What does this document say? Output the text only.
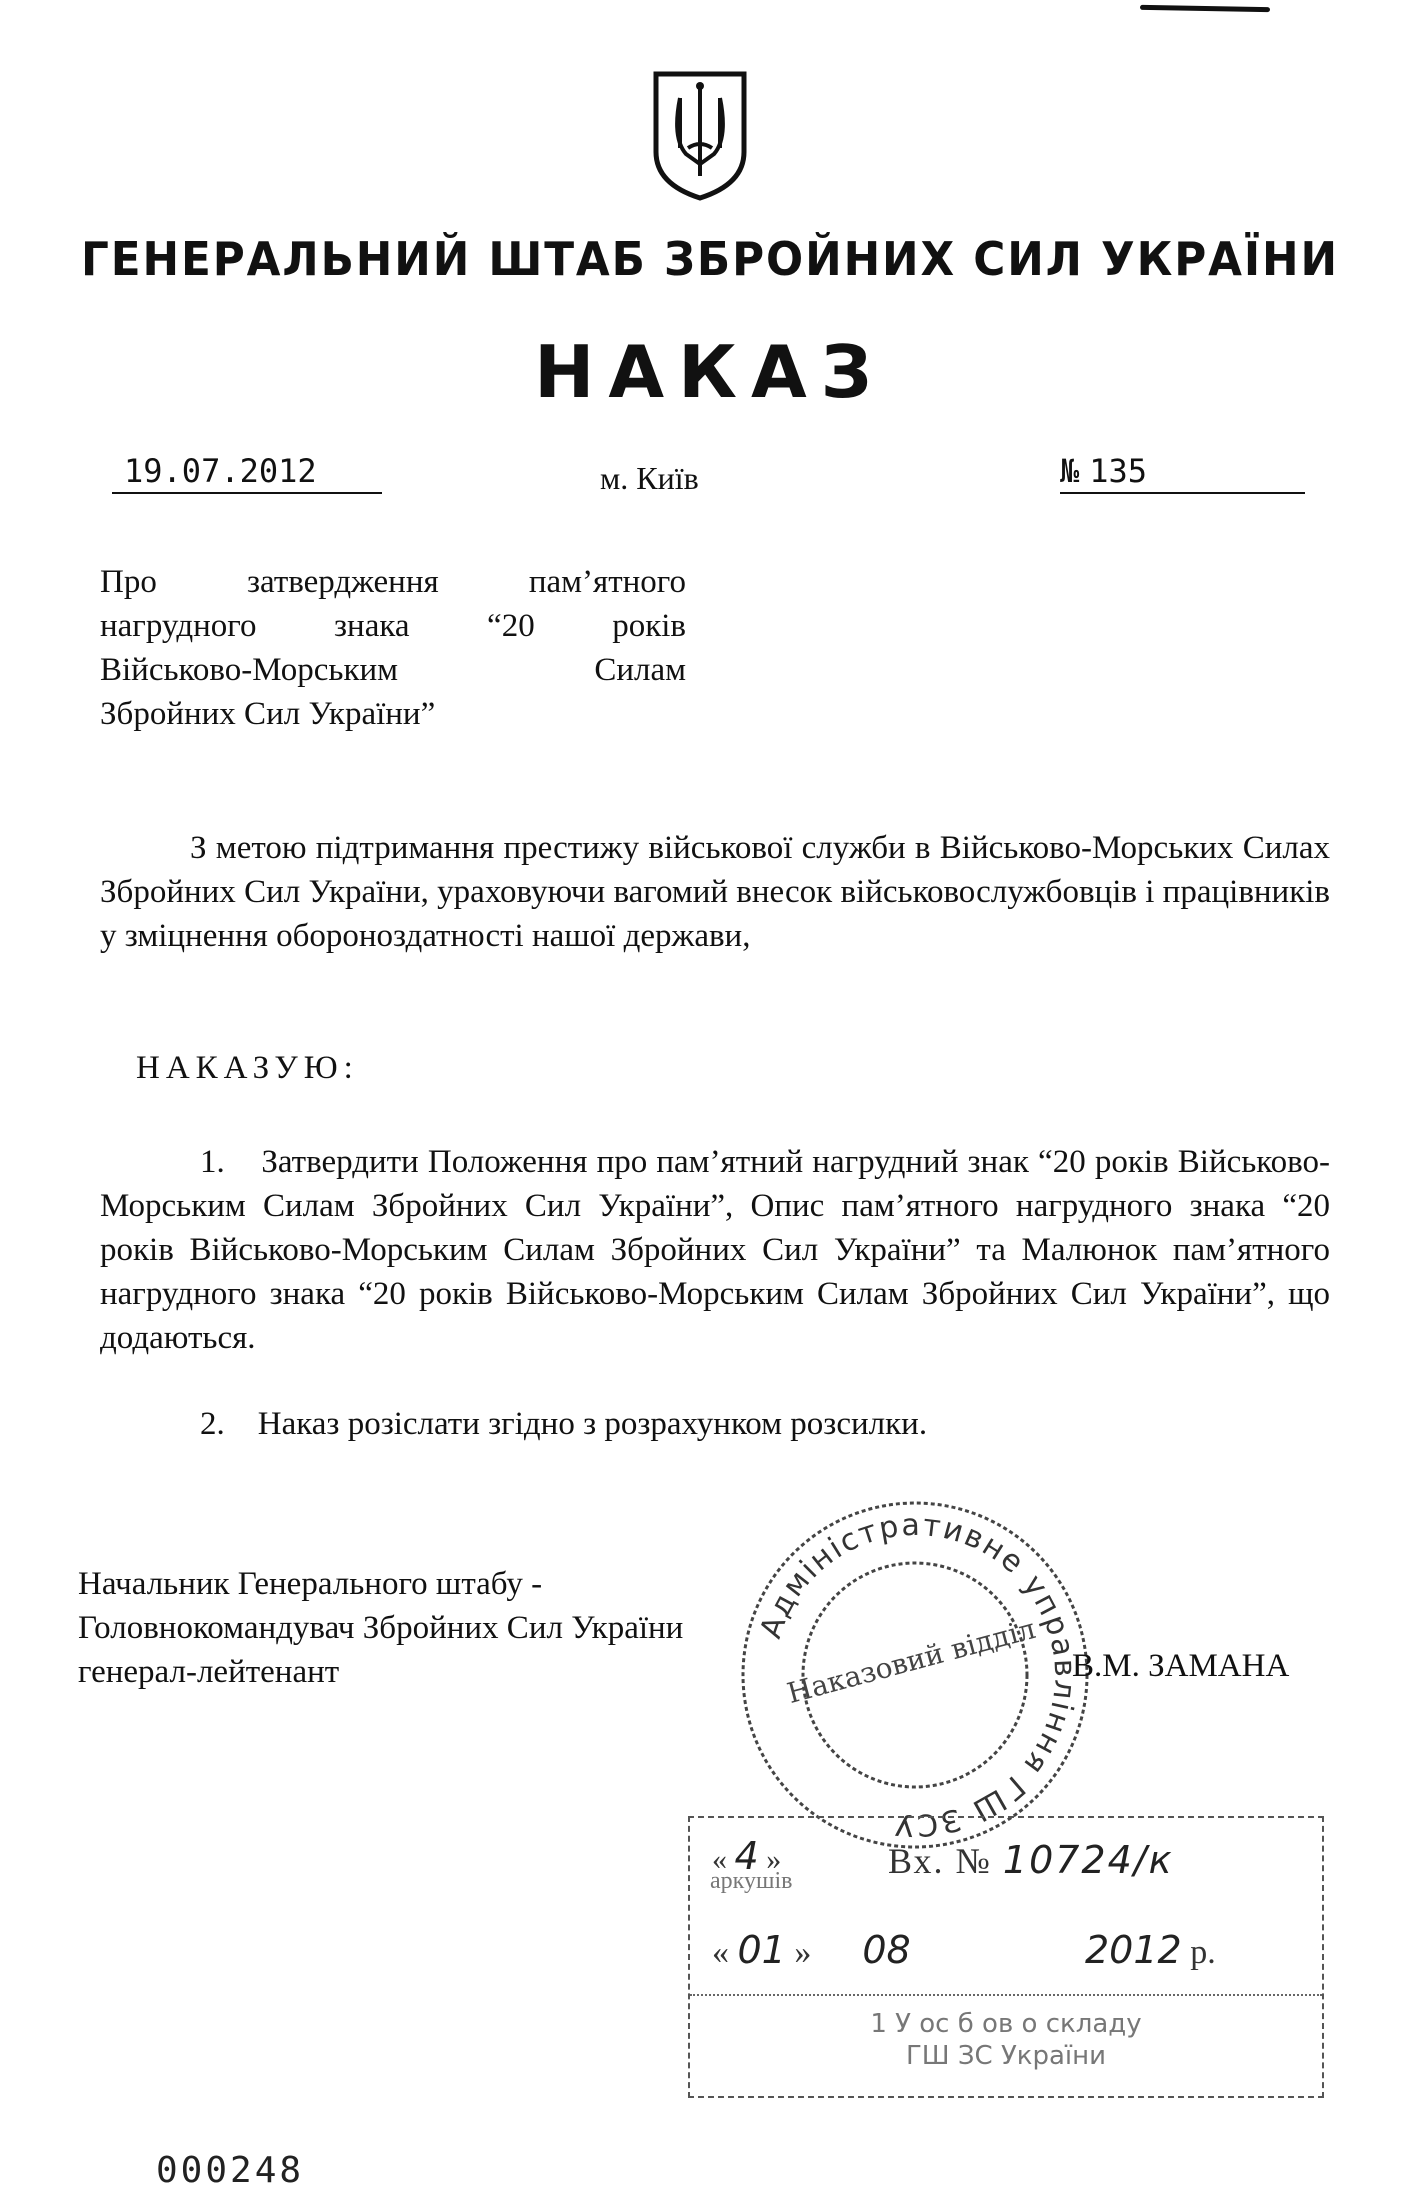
ГЕНЕРАЛЬНИЙ ШТАБ ЗБРОЙНИХ СИЛ УКРАЇНИ
НАКАЗ
19.07.2012	м. Київ	№ 135
Про затвердження пам’ятного
нагрудного знака “20 років
Військово-Морським Силам
Збройних Сил України”
З метою підтримання престижу військової служби в Військово-Морських Силах Збройних Сил України, ураховуючи вагомий внесок військовослужбовців і працівників у зміцнення обороноздатності нашої держави,
НАКАЗУЮ:
1. Затвердити Положення про пам’ятний нагрудний знак “20 років Військово-Морським Силам Збройних Сил України”, Опис пам’ятного нагрудного знака “20 років Військово-Морським Силам Збройних Сил України” та Малюнок пам’ятного нагрудного знака “20 років Військово-Морським Силам Збройних Сил України”, що додаються.
2. Наказ розіслати згідно з розрахунком розсилки.
Начальник Генерального штабу -
Головнокомандувач Збройних Сил України
генерал-лейтенант
Адміністративне управління ГШ ЗСУ
Наказовий відділ В.М. ЗАМАНА
« 4 »
аркушів	Вх. № 10724/к
« 01 » 08	2012 р.
1 У ос б ов о складу
ГШ ЗС України
000248
